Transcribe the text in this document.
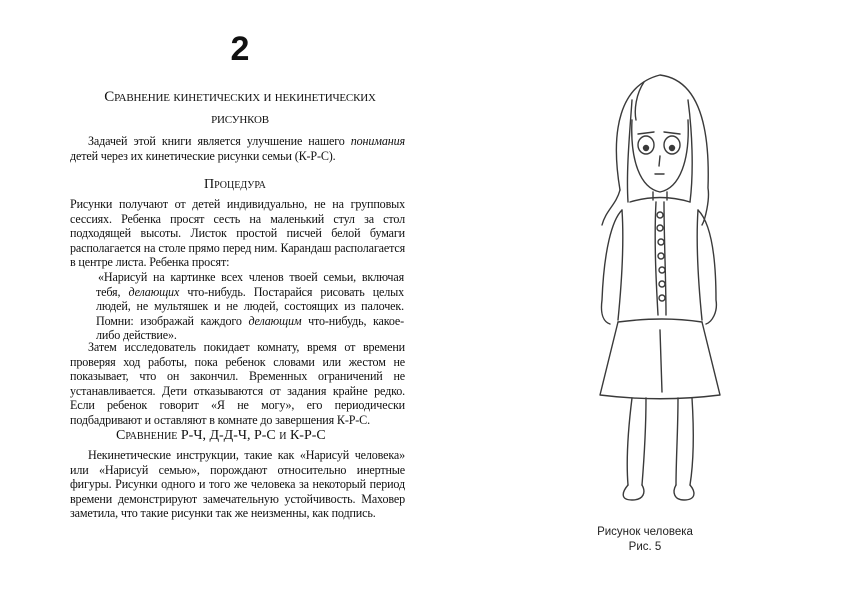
2
Сравнение кинетических и некинетических
рисунков

Задачей этой книги является улучшение нашего понимания детей через их кинетические рисунки семьи (К-Р-С).

Процедура

Рисунки получают от детей индивидуально, не на групповых сессиях. Ребенка просят сесть на маленький стул за стол подходящей высоты. Листок простой писчей белой бумаги располагается на столе прямо перед ним. Карандаш располагается в центре листа. Ребенка просят:

«Нарисуй на картинке всех членов твоей семьи, включая тебя, делающих что-нибудь. Постарайся рисовать целых людей, не мультяшек и не людей, состоящих из палочек. Помни: изображай каждого делающим что-нибудь, какое-либо действие».

Затем исследователь покидает комнату, время от времени проверяя ход работы, пока ребенок словами или жестом не показывает, что он закончил. Временных ограничений не устанавливается. Дети отказываются от задания крайне редко. Если ребенок говорит «Я не могу», его периодически подбадривают и оставляют в комнате до завершения К-Р-С.

Сравнение Р-Ч, Д-Д-Ч, Р-С и К-Р-С

Некинетические инструкции, такие как «Нарисуй человека» или «Нарисуй семью», порождают относительно инертные фигуры. Рисунки одного и того же человека за некоторый период времени демонстрируют замечательную устойчивость. Маховер заметила, что такие рисунки так же неизменны, как подпись.

Рисунок человека
Рис. 5
